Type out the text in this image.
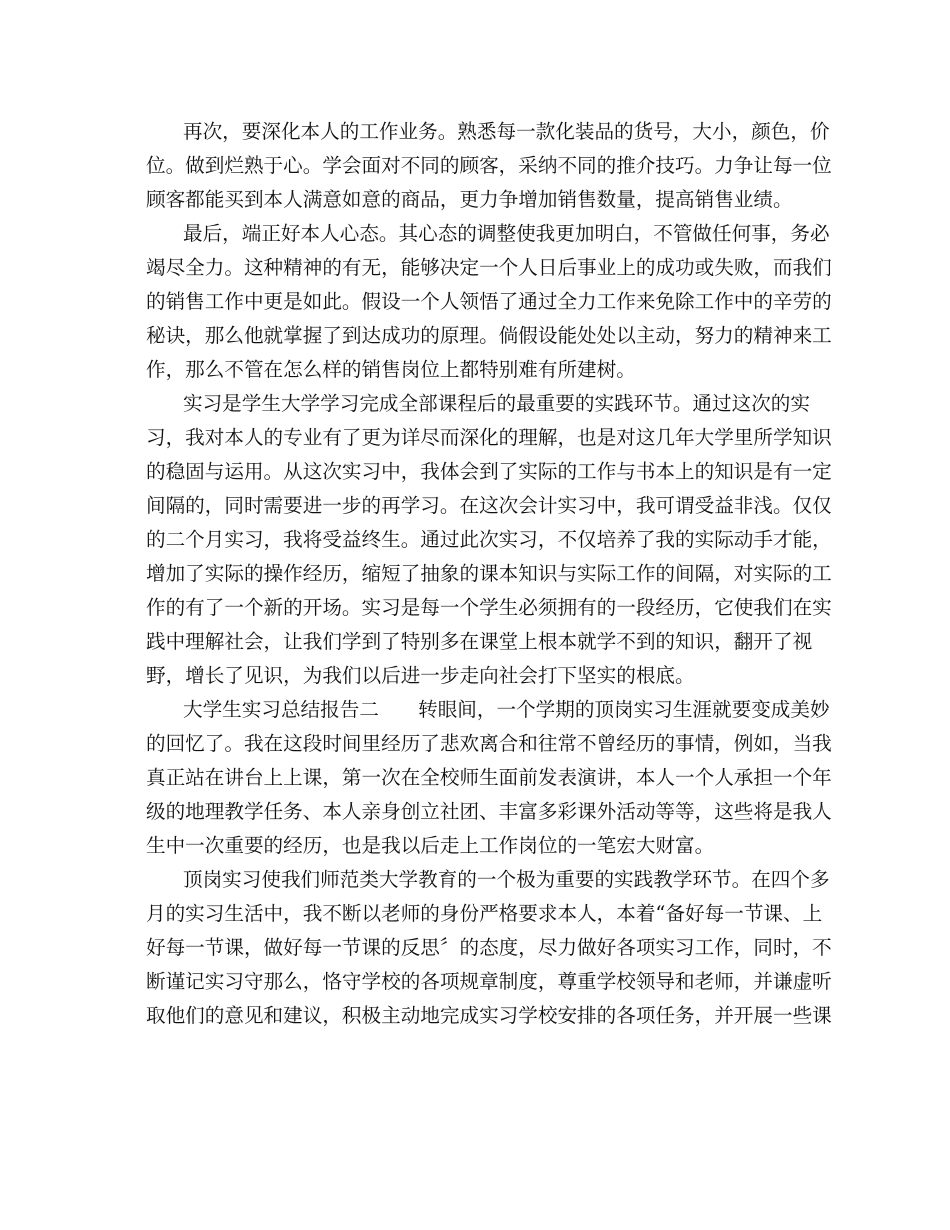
再次，要深化本人的工作业务。熟悉每一款化装品的货号，大小，颜色，价
位。做到烂熟于心。学会面对不同的顾客，采纳不同的推介技巧。力争让每一位
顾客都能买到本人满意如意的商品，更力争增加销售数量，提高销售业绩。
最后，端正好本人心态。其心态的调整使我更加明白，不管做任何事，务必
竭尽全力。这种精神的有无，能够决定一个人日后事业上的成功或失败，而我们
的销售工作中更是如此。假设一个人领悟了通过全力工作来免除工作中的辛劳的
秘诀，那么他就掌握了到达成功的原理。倘假设能处处以主动，努力的精神来工
作，那么不管在怎么样的销售岗位上都特别难有所建树。
实习是学生大学学习完成全部课程后的最重要的实践环节。通过这次的实
习，我对本人的专业有了更为详尽而深化的理解，也是对这几年大学里所学知识
的稳固与运用。从这次实习中，我体会到了实际的工作与书本上的知识是有一定
间隔的，同时需要进一步的再学习。在这次会计实习中，我可谓受益非浅。仅仅
的二个月实习，我将受益终生。通过此次实习，不仅培养了我的实际动手才能，
增加了实际的操作经历，缩短了抽象的课本知识与实际工作的间隔，对实际的工
作的有了一个新的开场。实习是每一个学生必须拥有的一段经历，它使我们在实
践中理解社会，让我们学到了特别多在课堂上根本就学不到的知识，翻开了视
野，增长了见识，为我们以后进一步走向社会打下坚实的根底。
大学生实习总结报告二　　转眼间，一个学期的顶岗实习生涯就要变成美妙
的回忆了。我在这段时间里经历了悲欢离合和往常不曾经历的事情，例如，当我
真正站在讲台上上课，第一次在全校师生面前发表演讲，本人一个人承担一个年
级的地理教学任务、本人亲身创立社团、丰富多彩课外活动等等，这些将是我人
生中一次重要的经历，也是我以后走上工作岗位的一笔宏大财富。
顶岗实习使我们师范类大学教育的一个极为重要的实践教学环节。在四个多
月的实习生活中，我不断以老师的身份严格要求本人，本着“备好每一节课、上
好每一节课，做好每一节课的反思〞的态度，尽力做好各项实习工作，同时，不
断谨记实习守那么，恪守学校的各项规章制度，尊重学校领导和老师，并谦虚听
取他们的意见和建议，积极主动地完成实习学校安排的各项任务，并开展一些课
